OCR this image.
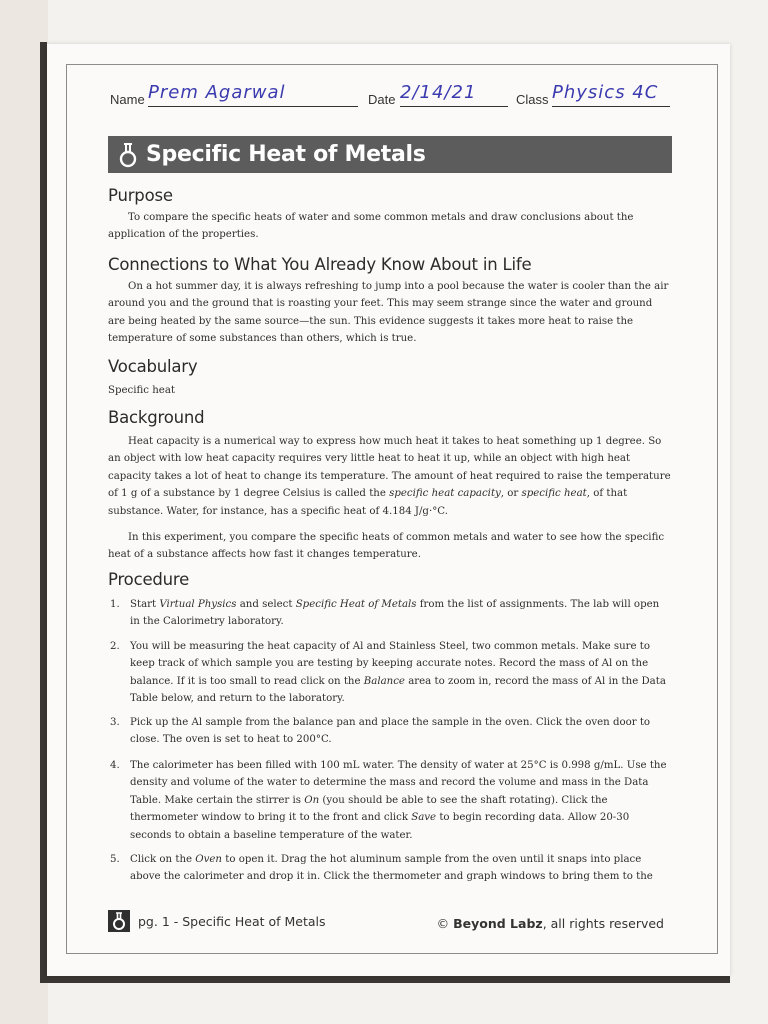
Name Prem Agarwal	Date 2/14/21	Class Physics 4C
Specific Heat of Metals
Purpose

To compare the specific heats of water and some common metals and draw conclusions about the application of the properties.

Connections to What You Already Know About in Life

On a hot summer day, it is always refreshing to jump into a pool because the water is cooler than the air around you and the ground that is roasting your feet. This may seem strange since the water and ground are being heated by the same source—the sun. This evidence suggests it takes more heat to raise the temperature of some substances than others, which is true.

Vocabulary

Specific heat

Background

Heat capacity is a numerical way to express how much heat it takes to heat something up 1 degree. So an object with low heat capacity requires very little heat to heat it up, while an object with high heat capacity takes a lot of heat to change its temperature. The amount of heat required to raise the temperature of 1 g of a substance by 1 degree Celsius is called the specific heat capacity, or specific heat, of that substance. Water, for instance, has a specific heat of 4.184 J/g·°C.

In this experiment, you compare the specific heats of common metals and water to see how the specific heat of a substance affects how fast it changes temperature.

Procedure
1.	Start Virtual Physics and select Specific Heat of Metals from the list of assignments. The lab will open in the Calorimetry laboratory.
2.	You will be measuring the heat capacity of Al and Stainless Steel, two common metals. Make sure to keep track of which sample you are testing by keeping accurate notes. Record the mass of Al on the balance. If it is too small to read click on the Balance area to zoom in, record the mass of Al in the Data Table below, and return to the laboratory.
3.	Pick up the Al sample from the balance pan and place the sample in the oven. Click the oven door to close. The oven is set to heat to 200°C.
4.	The calorimeter has been filled with 100 mL water. The density of water at 25°C is 0.998 g/mL. Use the density and volume of the water to determine the mass and record the volume and mass in the Data Table. Make certain the stirrer is On (you should be able to see the shaft rotating). Click the thermometer window to bring it to the front and click Save to begin recording data. Allow 20-30 seconds to obtain a baseline temperature of the water.
5.	Click on the Oven to open it. Drag the hot aluminum sample from the oven until it snaps into place above the calorimeter and drop it in. Click the thermometer and graph windows to bring them to the
pg. 1 - Specific Heat of Metals	© Beyond Labz, all rights reserved
